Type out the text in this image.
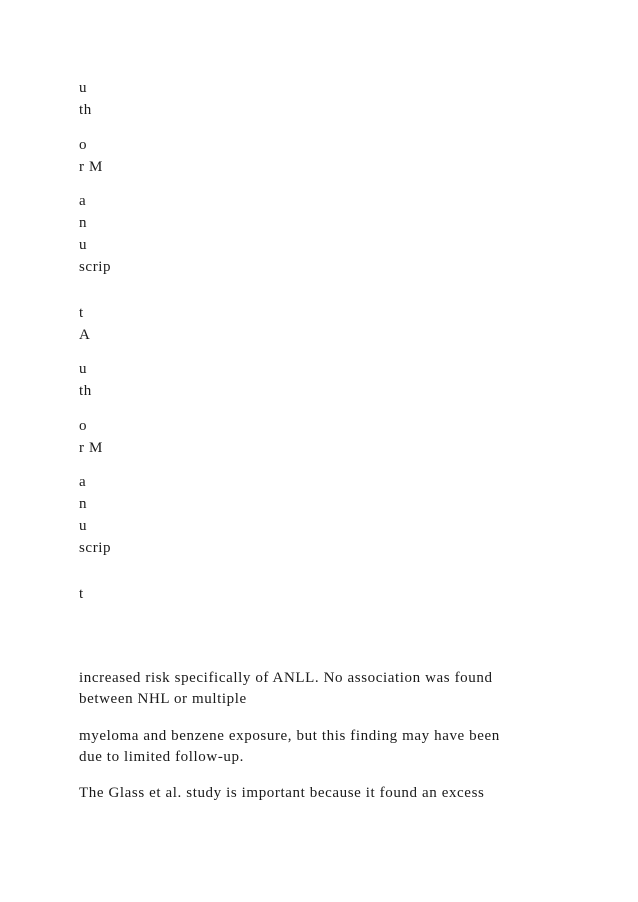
u

th

o

r M

a

n

u

scrip

t

A

u

th

o

r M

a

n

u

scrip

t

increased risk specifically of ANLL. No association was found
between NHL or multiple

myeloma and benzene exposure, but this finding may have been
due to limited follow-up.

The Glass et al. study is important because it found an excess
